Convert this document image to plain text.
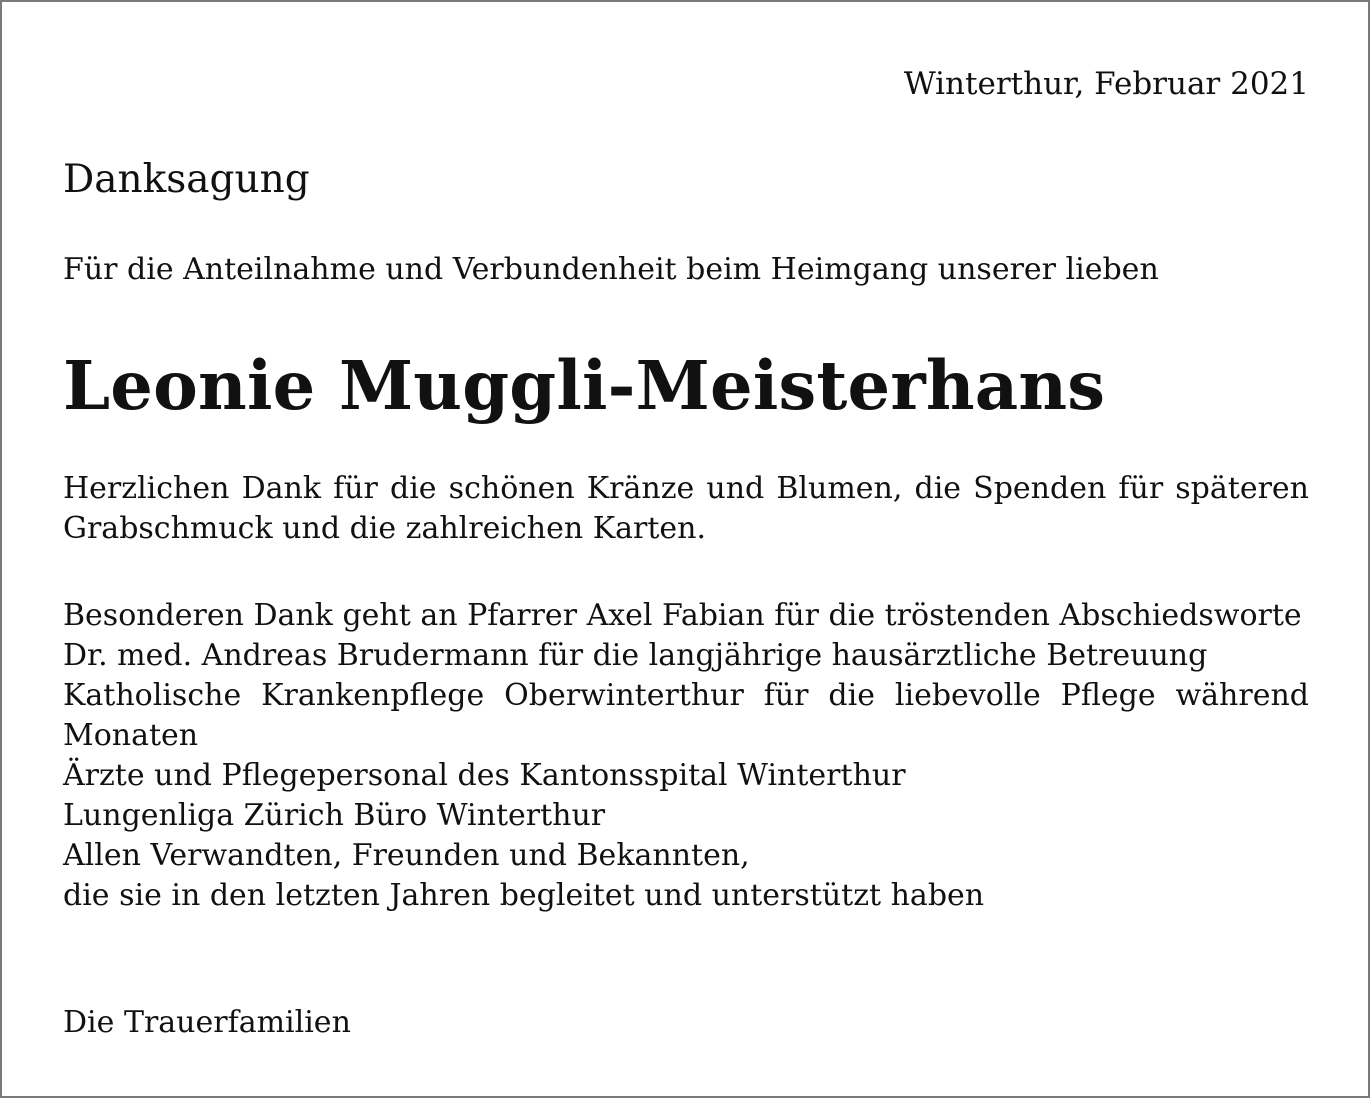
Winterthur, Februar 2021
Danksagung
Für die Anteilnahme und Verbundenheit beim Heimgang unserer lieben
Leonie Muggli-Meisterhans
Herzlichen Dank für die schönen Kränze und Blumen, die Spenden für späteren Grabschmuck und die zahlreichen Karten.
Besonderen Dank geht an Pfarrer Axel Fabian für die tröstenden Abschiedsworte
Dr. med. Andreas Brudermann für die langjährige hausärztliche Betreuung
Katholische Krankenpflege Oberwinterthur für die liebevolle Pflege während Monaten
Ärzte und Pflegepersonal des Kantonsspital Winterthur
Lungenliga Zürich Büro Winterthur
Allen Verwandten, Freunden und Bekannten,
die sie in den letzten Jahren begleitet und unterstützt haben
Die Trauerfamilien
